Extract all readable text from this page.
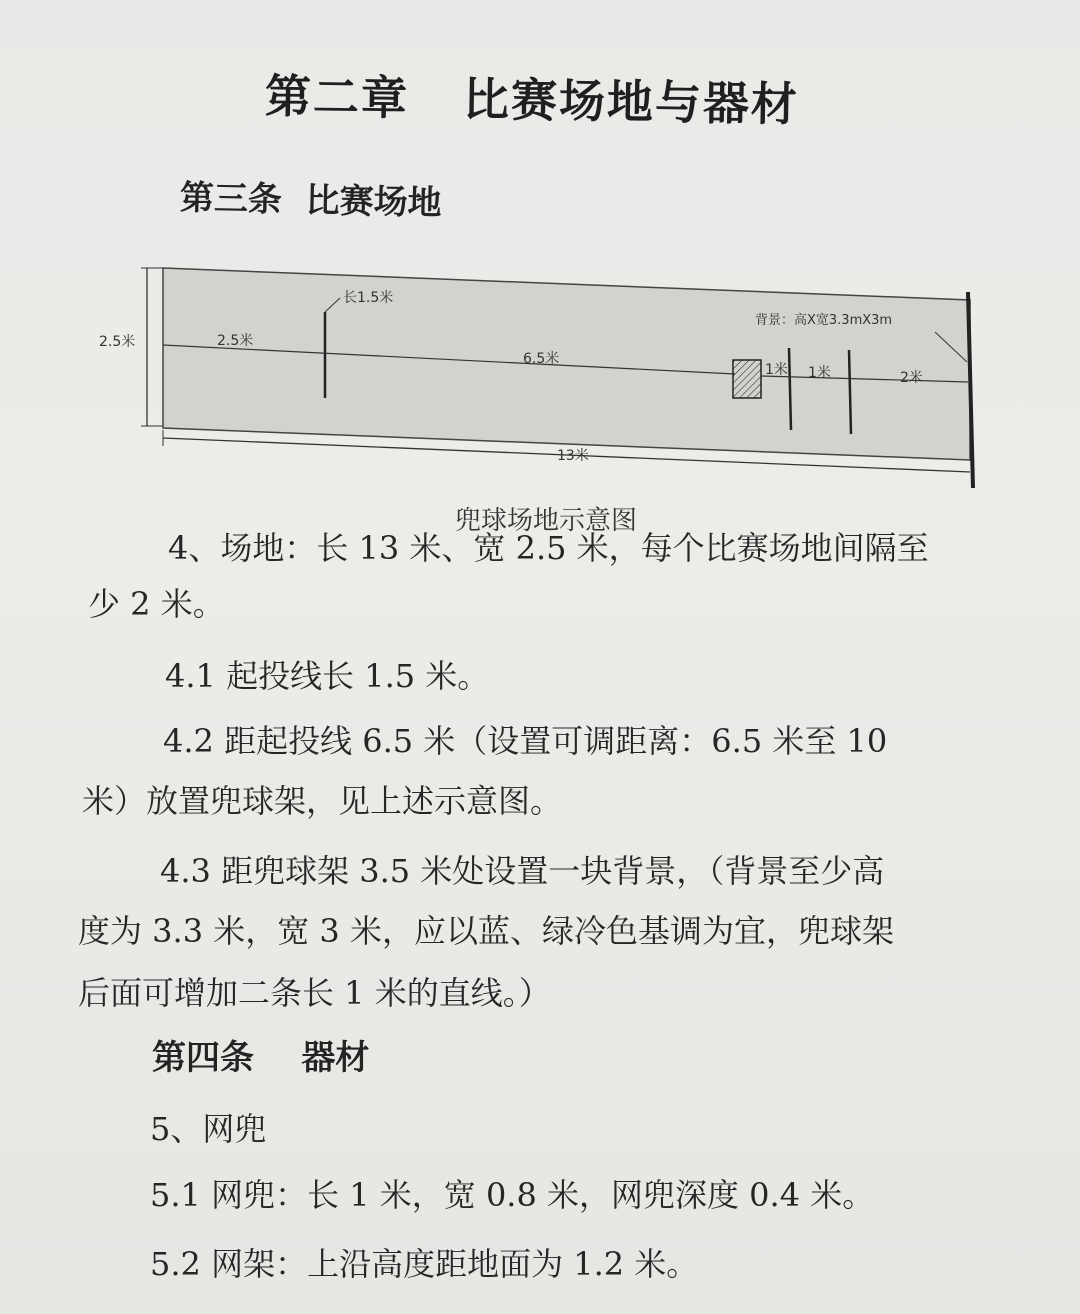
第二章   比赛场地与器材
第三条  比赛场地
2.5米
长1.5米
2.5米
6.5米
1米 1米	2米
背景：高X宽3.3mX3m
13米
兜球场地示意图
4、场地：长 13 米、宽 2.5 米，每个比赛场地间隔至
少 2 米。
4.1 起投线长 1.5 米。
4.2 距起投线 6.5 米（设置可调距离：6.5 米至 10
米）放置兜球架，见上述示意图。
4.3 距兜球架 3.5 米处设置一块背景，（背景至少高
度为 3.3 米，宽 3 米，应以蓝、绿冷色基调为宜，兜球架
后面可增加二条长 1 米的直线。）
第四条    器材
5、网兜
5.1 网兜：长 1 米，宽 0.8 米，网兜深度 0.4 米。
5.2 网架：上沿高度距地面为 1.2 米。
